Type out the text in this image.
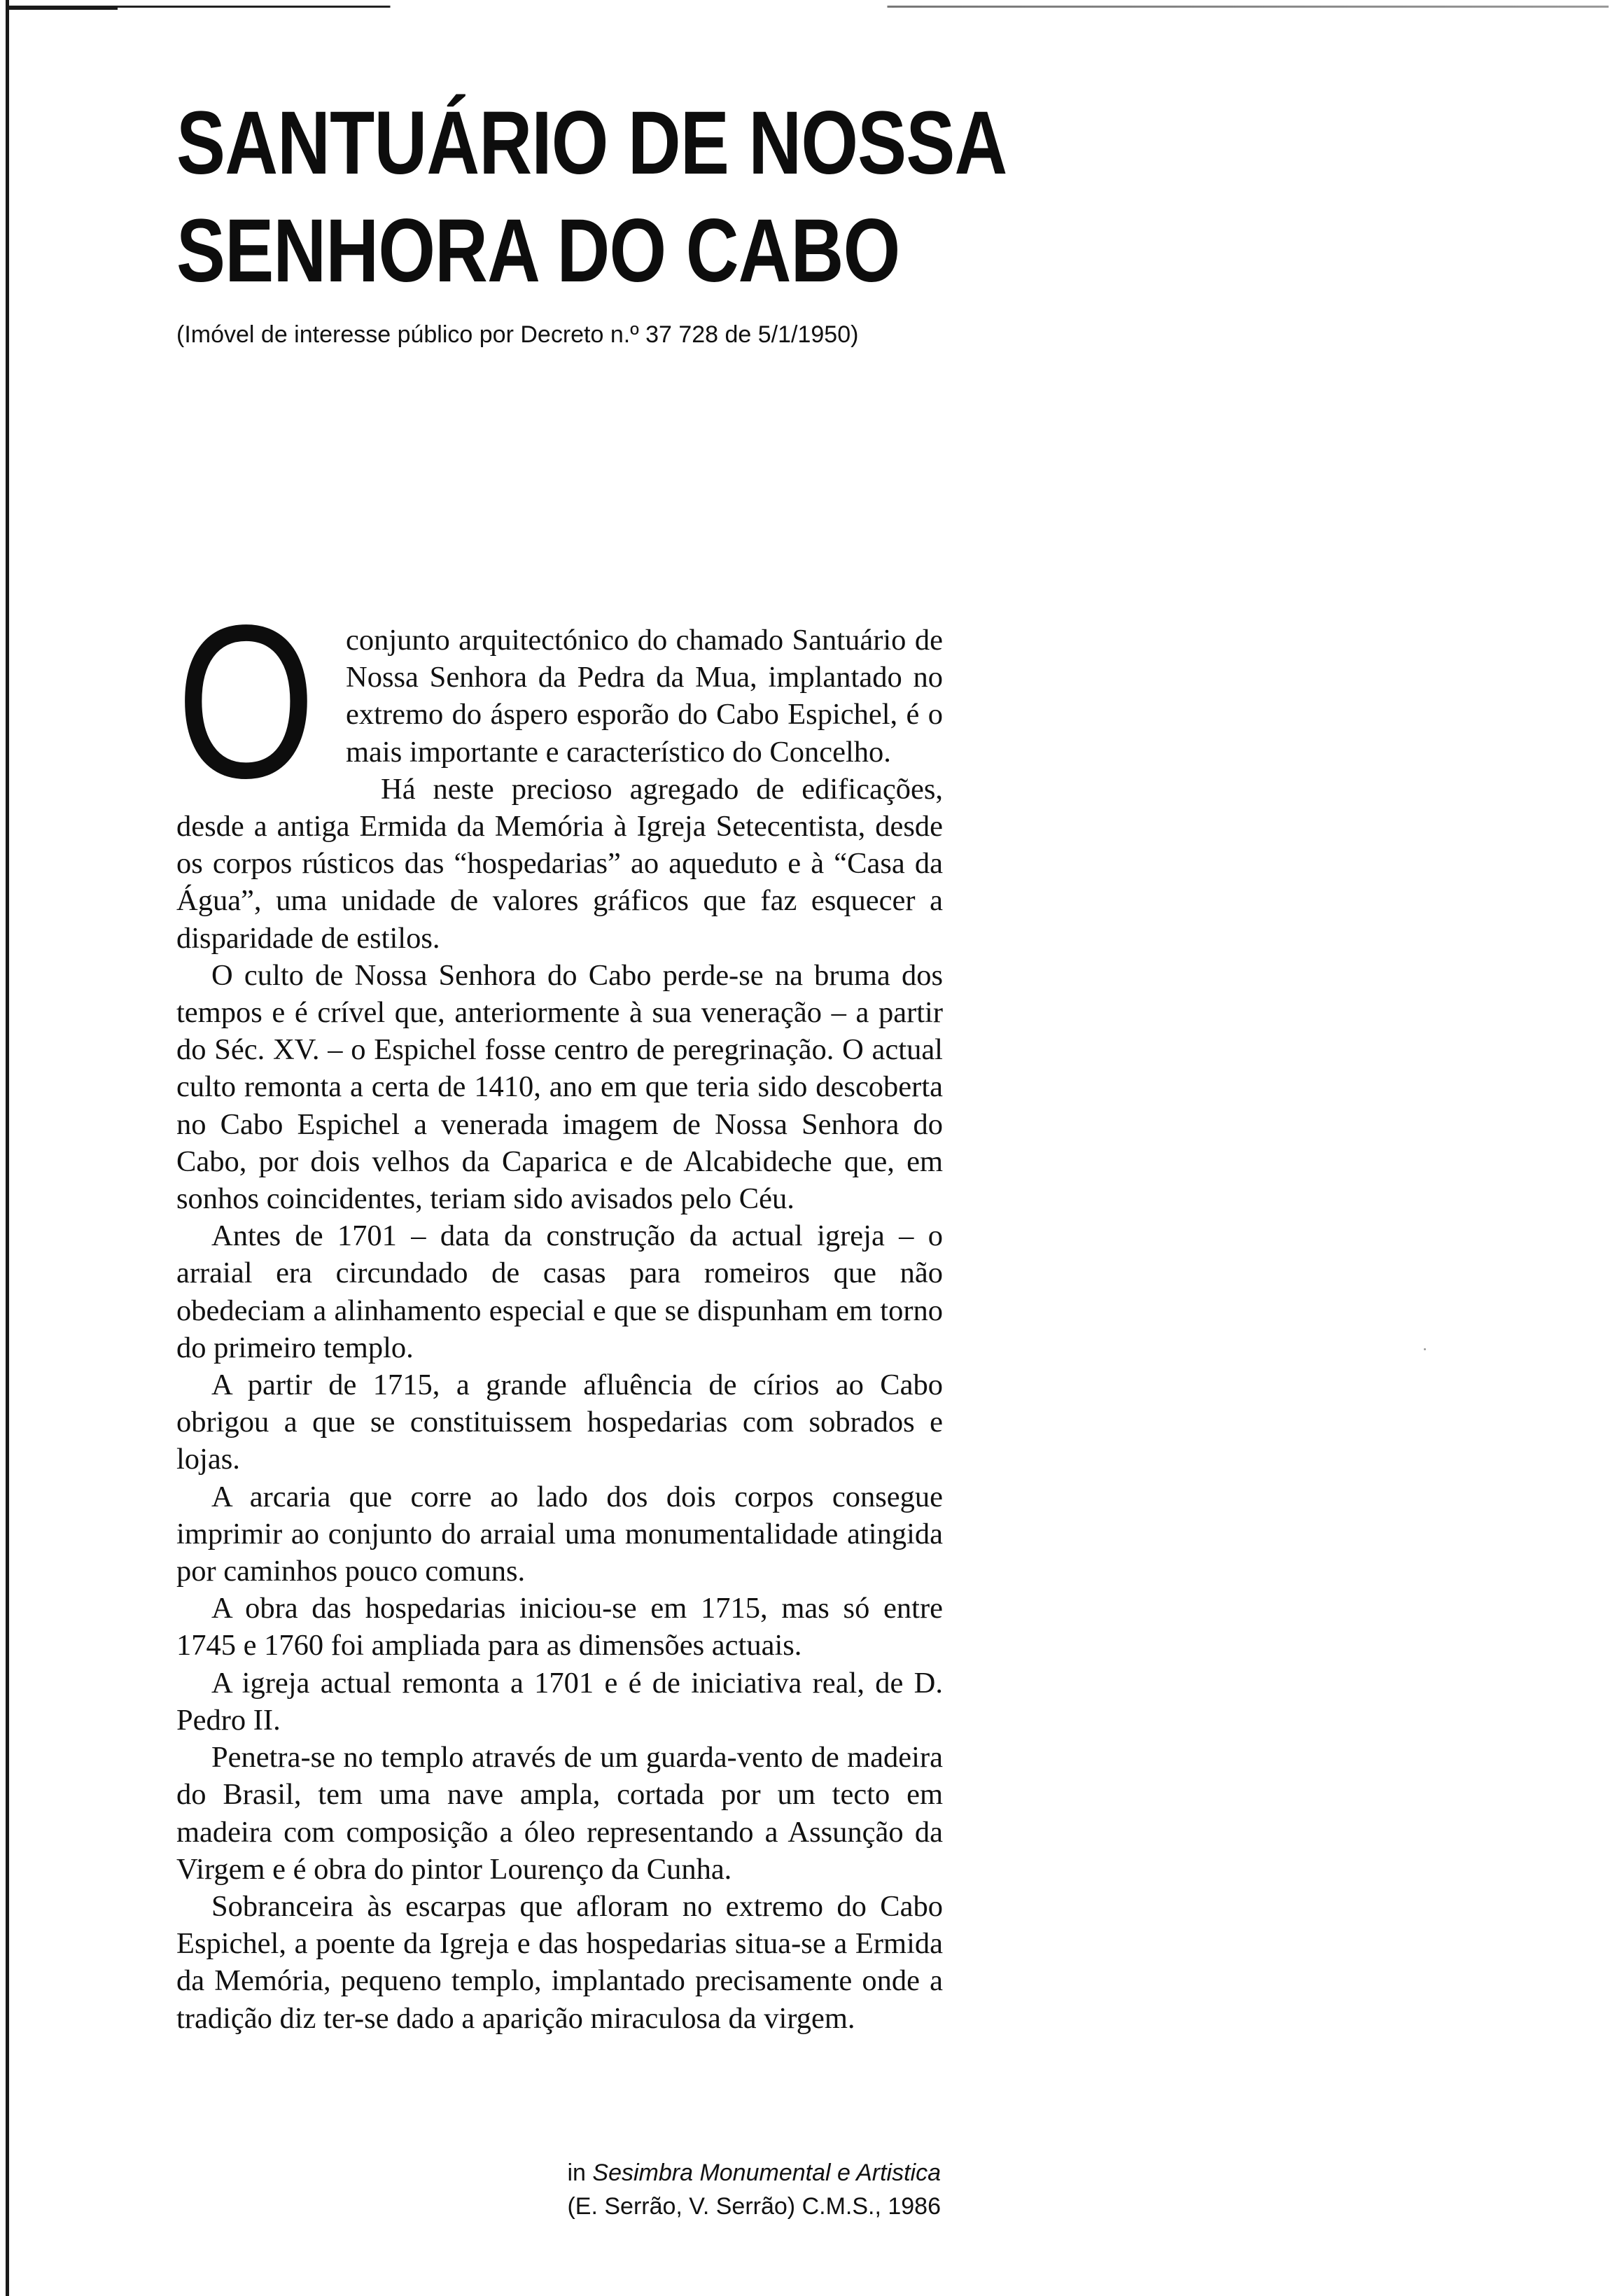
SANTUÁRIO DE NOSSA
SENHORA DO CABO
(Imóvel de interesse público por Decreto n.º 37 728 de 5/1/1950)
O	conjunto arquitectónico do chamado Santuário de Nossa Senhora da Pedra da Mua, implantado no extremo do áspero esporão do Cabo Espichel, é o mais importante e característico do Concelho.

Há neste precioso agregado de edificações, desde a antiga Ermida da Memória à Igreja Setecentista, desde os corpos rústicos das “hospedarias” ao aqueduto e à “Casa da Água”, uma unidade de valores gráficos que faz esquecer a disparidade de estilos.

O culto de Nossa Senhora do Cabo perde-se na bruma dos tempos e é crível que, anteriormente à sua veneração – a partir do Séc. XV. – o Espichel fosse centro de peregrinação. O actual culto remonta a certa de 1410, ano em que teria sido descoberta no Cabo Espichel a venerada imagem de Nossa Senhora do Cabo, por dois velhos da Caparica e de Alcabideche que, em sonhos coincidentes, teriam sido avisados pelo Céu.

Antes de 1701 – data da construção da actual igreja – o arraial era circundado de casas para romeiros que não obedeciam a alinhamento especial e que se dispunham em torno do primeiro templo.

A partir de 1715, a grande afluência de círios ao Cabo obrigou a que se constituissem hospedarias com sobrados e lojas.

A arcaria que corre ao lado dos dois corpos consegue imprimir ao conjunto do arraial uma monumentalidade atingida por caminhos pouco comuns.

A obra das hospedarias iniciou-se em 1715, mas só entre 1745 e 1760 foi ampliada para as dimensões actuais.

A igreja actual remonta a 1701 e é de iniciativa real, de D. Pedro II.

Penetra-se no templo através de um guarda-vento de madeira do Brasil, tem uma nave ampla, cortada por um tecto em madeira com composição a óleo representando a Assunção da Virgem e é obra do pintor Lourenço da Cunha.

Sobranceira às escarpas que afloram no extremo do Cabo Espichel, a poente da Igreja e das hospedarias situa-se a Ermida da Memória, pequeno templo, implantado precisamente onde a tradição diz ter-se dado a aparição miraculosa da virgem.

in Sesimbra Monumental e Artistica
(E. Serrão, V. Serrão) C.M.S., 1986
